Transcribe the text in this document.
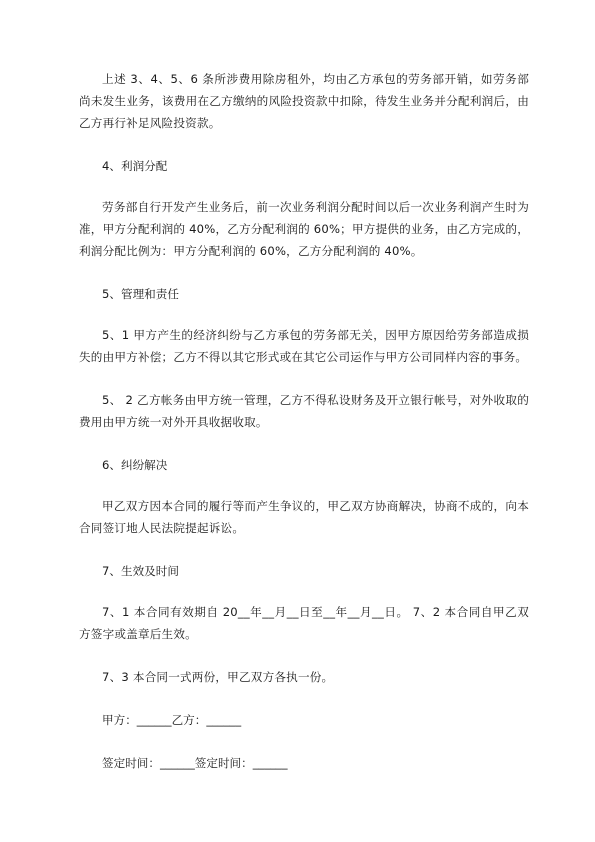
上述 3、4、5、6 条所涉费用除房租外，均由乙方承包的劳务部开销，如劳务部尚未发生业务，该费用在乙方缴纳的风险投资款中扣除，待发生业务并分配利润后，由乙方再行补足风险投资款。

4、利润分配

劳务部自行开发产生业务后，前一次业务利润分配时间以后一次业务利润产生时为准，甲方分配利润的 40%，乙方分配利润的 60%；甲方提供的业务，由乙方完成的，利润分配比例为：甲方分配利润的 60%，乙方分配利润的 40%。

5、管理和责任

5、1 甲方产生的经济纠纷与乙方承包的劳务部无关，因甲方原因给劳务部造成损失的由甲方补偿；乙方不得以其它形式或在其它公司运作与甲方公司同样内容的事务。

5、 2 乙方帐务由甲方统一管理，乙方不得私设财务及开立银行帐号，对外收取的费用由甲方统一对外开具收据收取。

6、纠纷解决

甲乙双方因本合同的履行等而产生争议的，甲乙双方协商解决，协商不成的，向本合同签订地人民法院提起诉讼。

7、生效及时间

7、1 本合同有效期自 20__年__月__日至__年__月__日。 7、2 本合同自甲乙双方签字或盖章后生效。

7、3 本合同一式两份，甲乙双方各执一份。

甲方：______乙方：______

签定时间：______签定时间：______
